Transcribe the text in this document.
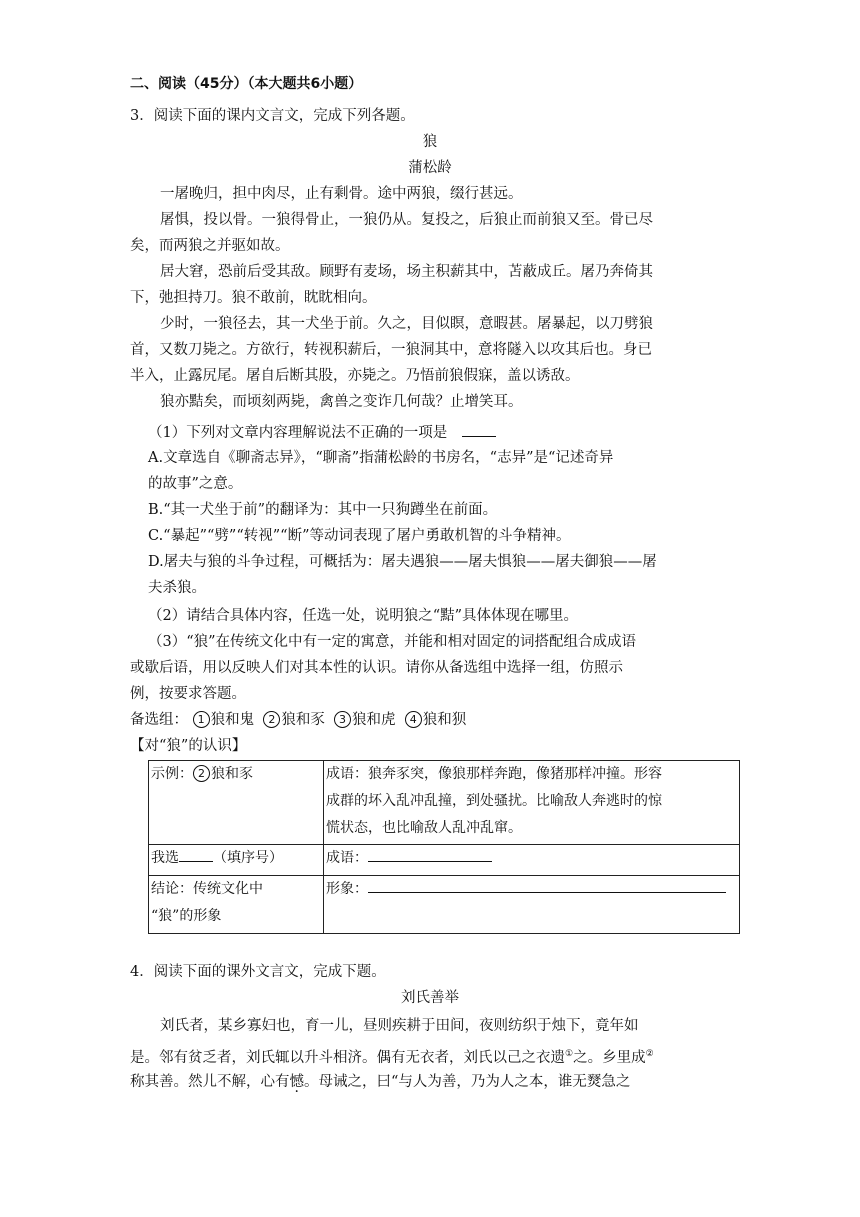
二、阅读（45分）（本大题共6小题）
3．阅读下面的课内文言文，完成下列各题。
狼
蒲松龄
一屠晚归，担中肉尽，止有剩骨。途中两狼，缀行甚远。
屠惧，投以骨。一狼得骨止，一狼仍从。复投之，后狼止而前狼又至。骨已尽
矣，而两狼之并驱如故。
居大窘，恐前后受其敌。顾野有麦场，场主积薪其中，苫蔽成丘。屠乃奔倚其
下，弛担持刀。狼不敢前，眈眈相向。
少时，一狼径去，其一犬坐于前。久之，目似瞑，意暇甚。屠暴起，以刀劈狼
首，又数刀毙之。方欲行，转视积薪后，一狼洞其中，意将隧入以攻其后也。身已
半入，止露尻尾。屠自后断其股，亦毙之。乃悟前狼假寐，盖以诱敌。
狼亦黠矣，而顷刻两毙，禽兽之变诈几何哉？止增笑耳。
（1）下列对文章内容理解说法不正确的一项是
A.文章选自《聊斋志异》，“聊斋”指蒲松龄的书房名，“志异”是“记述奇异
的故事”之意。
B.“其一犬坐于前”的翻译为：其中一只狗蹲坐在前面。
C.“暴起”“劈”“转视”“断”等动词表现了屠户勇敢机智的斗争精神。
D.屠夫与狼的斗争过程，可概括为：屠夫遇狼——屠夫惧狼——屠夫御狼——屠
夫杀狼。
（2）请结合具体内容，任选一处，说明狼之“黠”具体体现在哪里。
（3）“狼”在传统文化中有一定的寓意，并能和相对固定的词搭配组合成成语
或歇后语，用以反映人们对其本性的认识。请你从备选组中选择一组，仿照示
例，按要求答题。
备选组： 1 狼和鬼 2 狼和豕 3 狼和虎 4 狼和狈
【对“狼”的认识】
示例： 2 狼和豕	成语：狼奔豕突，像狼那样奔跑，像猪那样冲撞。形容
成群的坏入乱冲乱撞，到处骚扰。比喻敌人奔逃时的惊
慌状态，也比喻敌人乱冲乱窜。

我选 （填序号）	成语：

结论：传统文化中
“狼”的形象	形象：
4．阅读下面的课外文言文，完成下题。
刘氏善举
刘氏者，某乡寡妇也，育一儿，昼则疾耕于田间，夜则纺织于烛下，竟年如
是。邻有贫乏者，刘氏辄以升斗相济。偶有无衣者，刘氏以己之衣遗①之。乡里成②
称其善。然儿不解，心有憾。母诫之，曰“与人为善，乃为人之本，谁无燹急之
